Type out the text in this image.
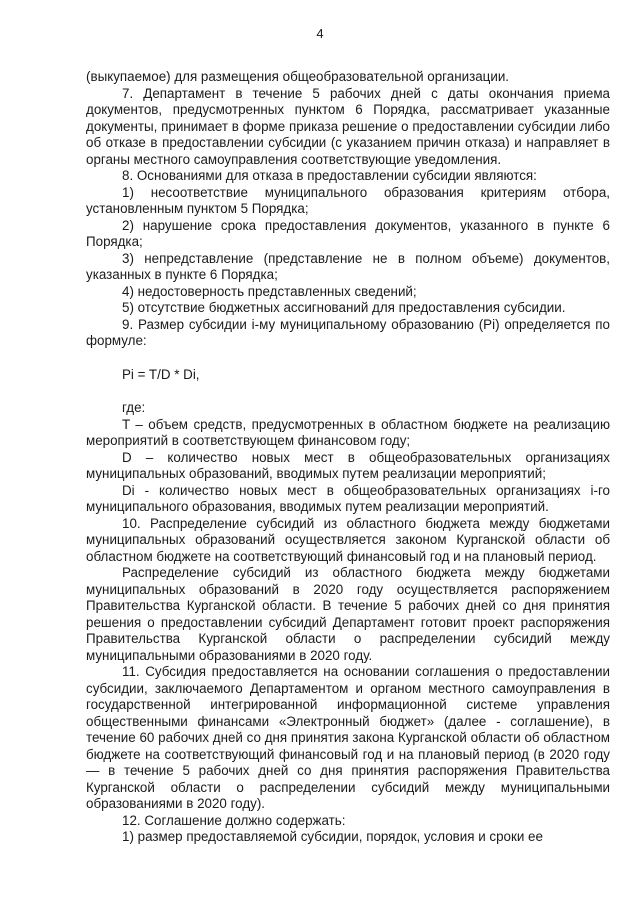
4

(выкупаемое) для размещения общеобразовательной организации.

7. Департамент в течение 5 рабочих дней с даты окончания приема документов, предусмотренных пунктом 6 Порядка, рассматривает указанные документы, принимает в форме приказа решение о предоставлении субсидии либо об отказе в предоставлении субсидии (с указанием причин отказа) и направляет в органы местного самоуправления соответствующие уведомления.

8. Основаниями для отказа в предоставлении субсидии являются:

1) несоответствие муниципального образования критериям отбора, установленным пунктом 5 Порядка;

2) нарушение срока предоставления документов, указанного в пункте 6 Порядка;

3) непредставление (представление не в полном объеме) документов, указанных в пункте 6 Порядка;

4) недостоверность представленных сведений;

5) отсутствие бюджетных ассигнований для предоставления субсидии.

9. Размер субсидии i-му муниципальному образованию (Pi) определяется по формуле:

Pi = T/D * Di,

где:

T – объем средств, предусмотренных в областном бюджете на реализацию мероприятий в соответствующем финансовом году;

D – количество новых мест в общеобразовательных организациях муниципальных образований, вводимых путем реализации мероприятий;

Di - количество новых мест в общеобразовательных организациях i-го муниципального образования, вводимых путем реализации мероприятий.

10. Распределение субсидий из областного бюджета между бюджетами муниципальных образований осуществляется законом Курганской области об областном бюджете на соответствующий финансовый год и на плановый период.

Распределение субсидий из областного бюджета между бюджетами муниципальных образований в 2020 году осуществляется распоряжением Правительства Курганской области. В течение 5 рабочих дней со дня принятия решения о предоставлении субсидий Департамент готовит проект распоряжения Правительства Курганской области о распределении субсидий между муниципальными образованиями в 2020 году.

11. Субсидия предоставляется на основании соглашения о предоставлении субсидии, заключаемого Департаментом и органом местного самоуправления в государственной интегрированной информационной системе управления общественными финансами «Электронный бюджет» (далее - соглашение), в течение 60 рабочих дней со дня принятия закона Курганской области об областном бюджете на соответствующий финансовый год и на плановый период (в 2020 году — в течение 5 рабочих дней со дня принятия распоряжения Правительства Курганской области о распределении субсидий между муниципальными образованиями в 2020 году).

12. Соглашение должно содержать:

1) размер предоставляемой субсидии, порядок, условия и сроки ее
